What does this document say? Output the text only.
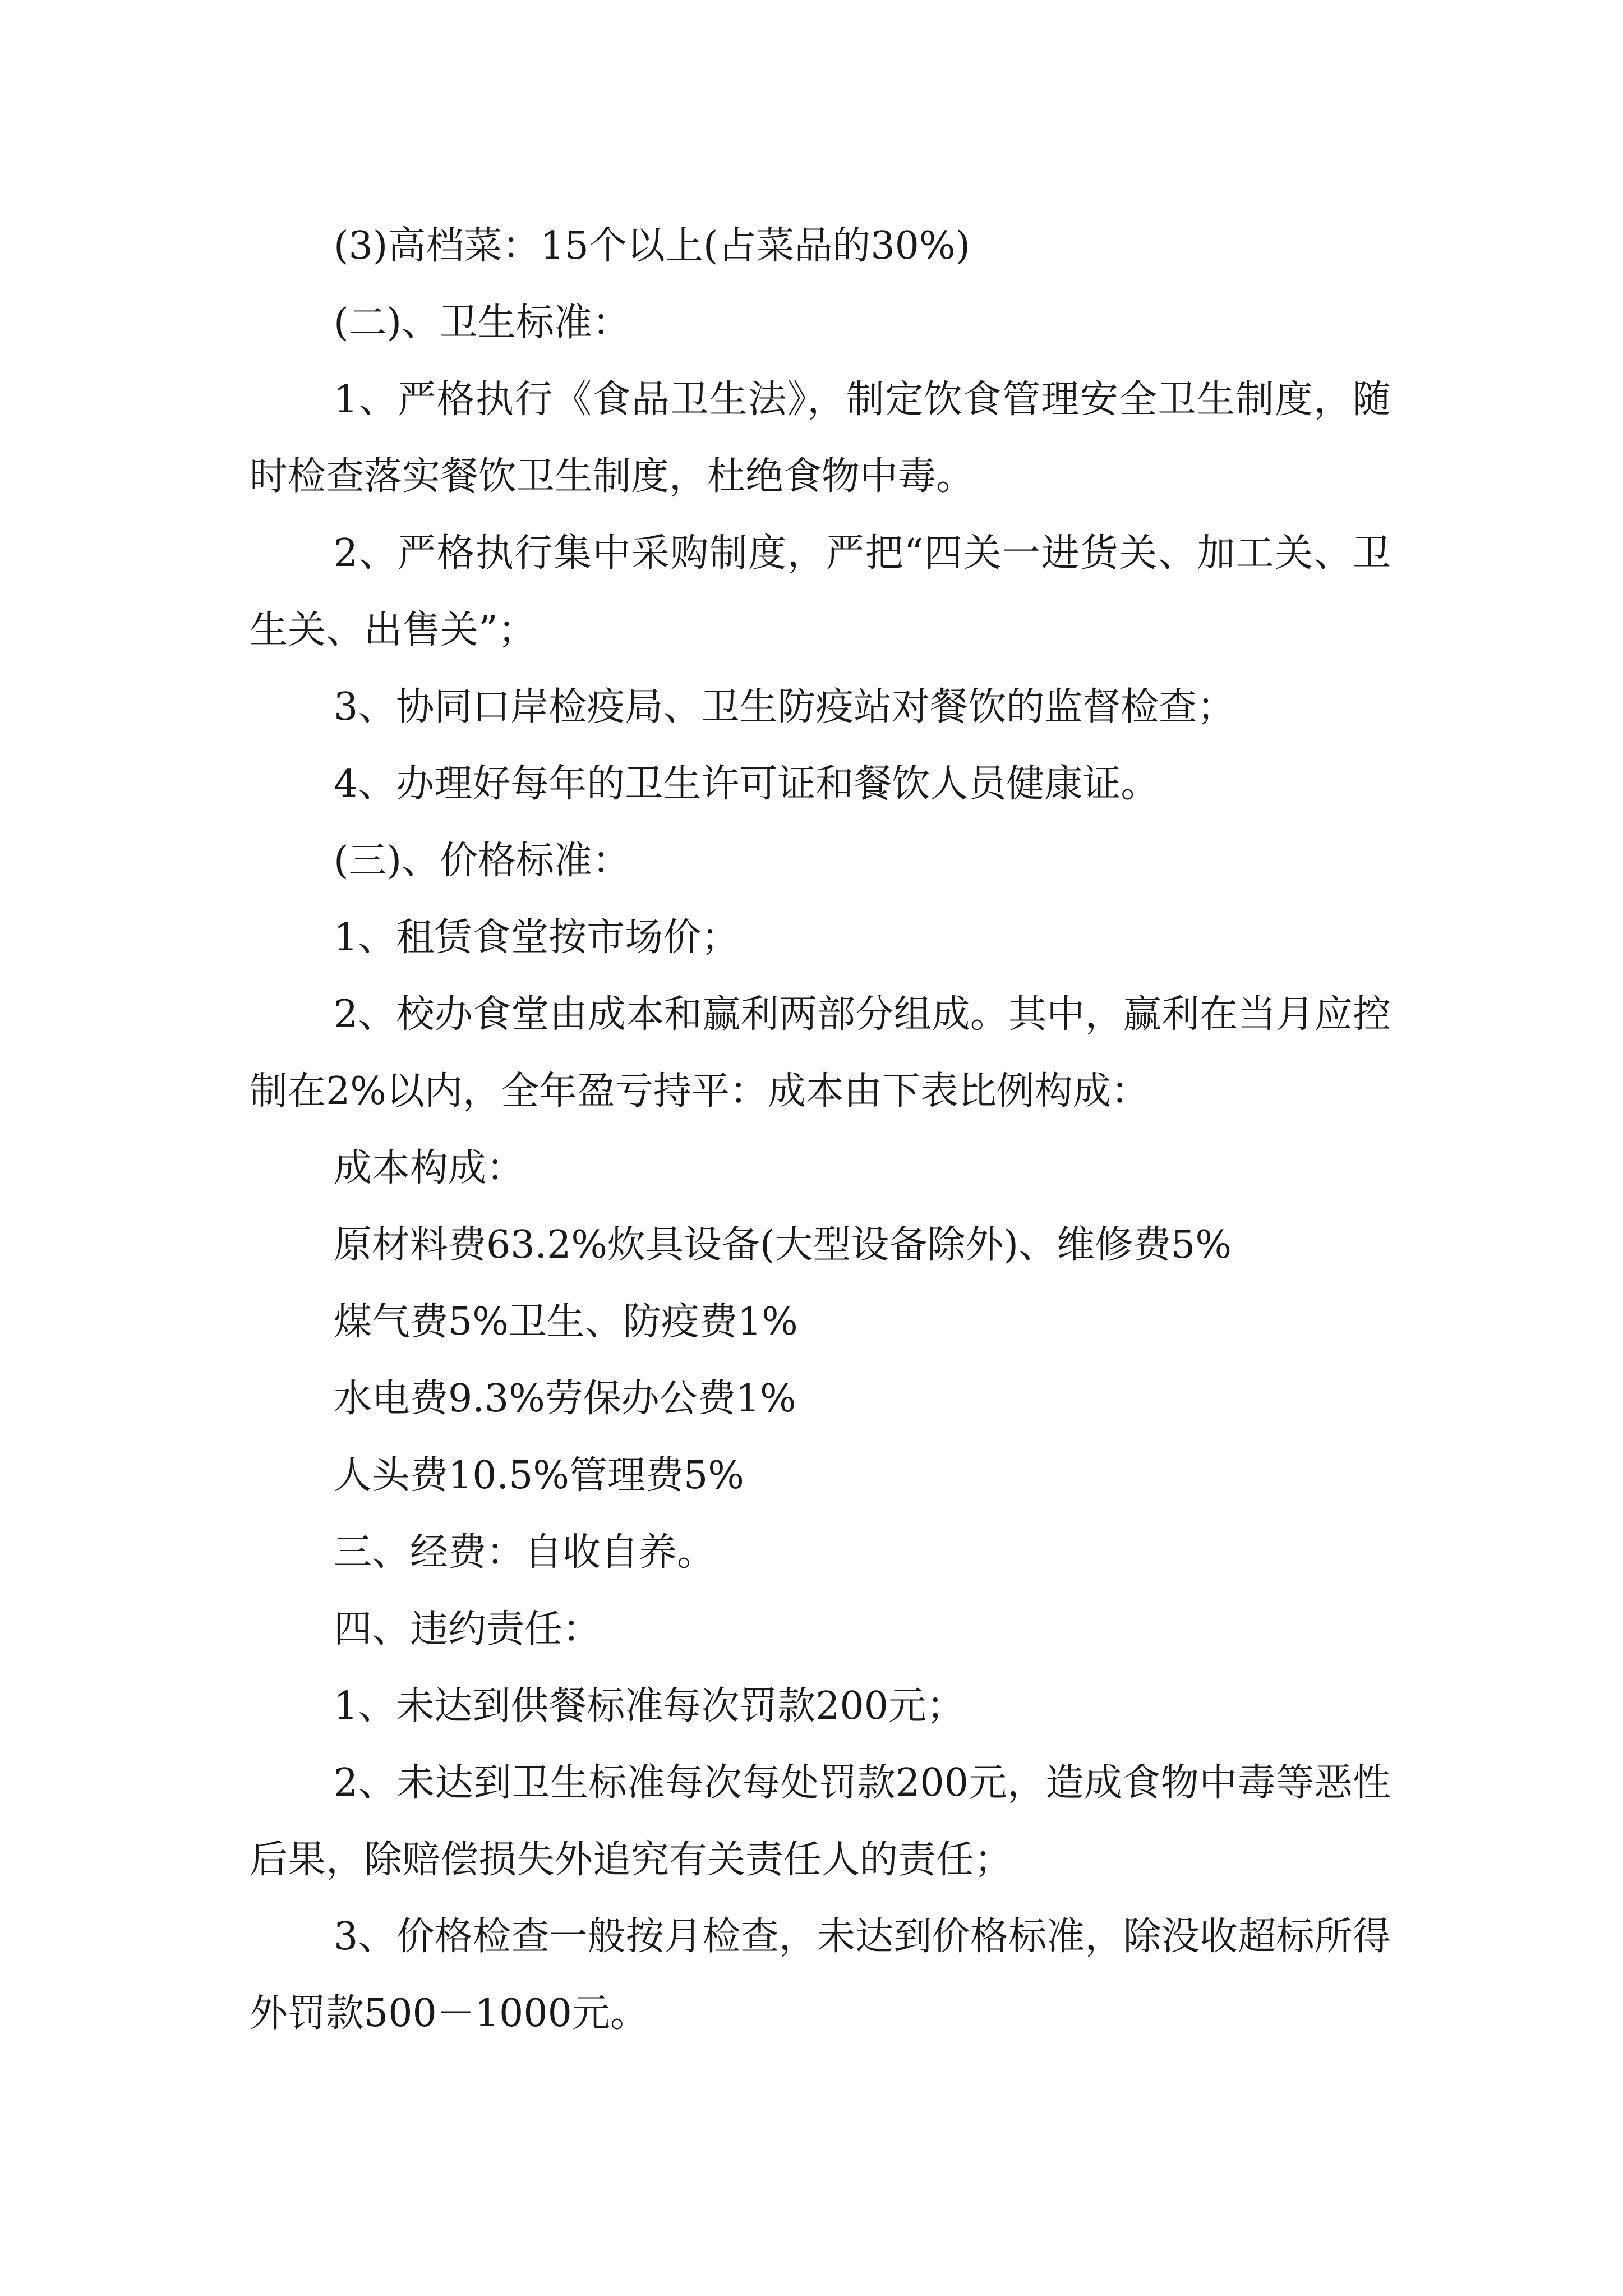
(3)高档菜：15个以上(占菜品的30%)

(二)、卫生标准：

1、严格执行《食品卫生法》，制定饮食管理安全卫生制度，随时检查落实餐饮卫生制度，杜绝食物中毒。

2、严格执行集中采购制度，严把“四关一进货关、加工关、卫生关、出售关”；

3、协同口岸检疫局、卫生防疫站对餐饮的监督检查；

4、办理好每年的卫生许可证和餐饮人员健康证。

(三)、价格标准：

1、租赁食堂按市场价；

2、校办食堂由成本和赢利两部分组成。其中，赢利在当月应控制在2%以内，全年盈亏持平：成本由下表比例构成：

成本构成：

原材料费63.2%炊具设备(大型设备除外)、维修费5%

煤气费5%卫生、防疫费1%

水电费9.3%劳保办公费1%

人头费10.5%管理费5%

三、经费：自收自养。

四、违约责任：

1、未达到供餐标准每次罚款200元；

2、未达到卫生标准每次每处罚款200元，造成食物中毒等恶性后果，除赔偿损失外追究有关责任人的责任；

3、价格检查一般按月检查，未达到价格标准，除没收超标所得外罚款500－1000元。
